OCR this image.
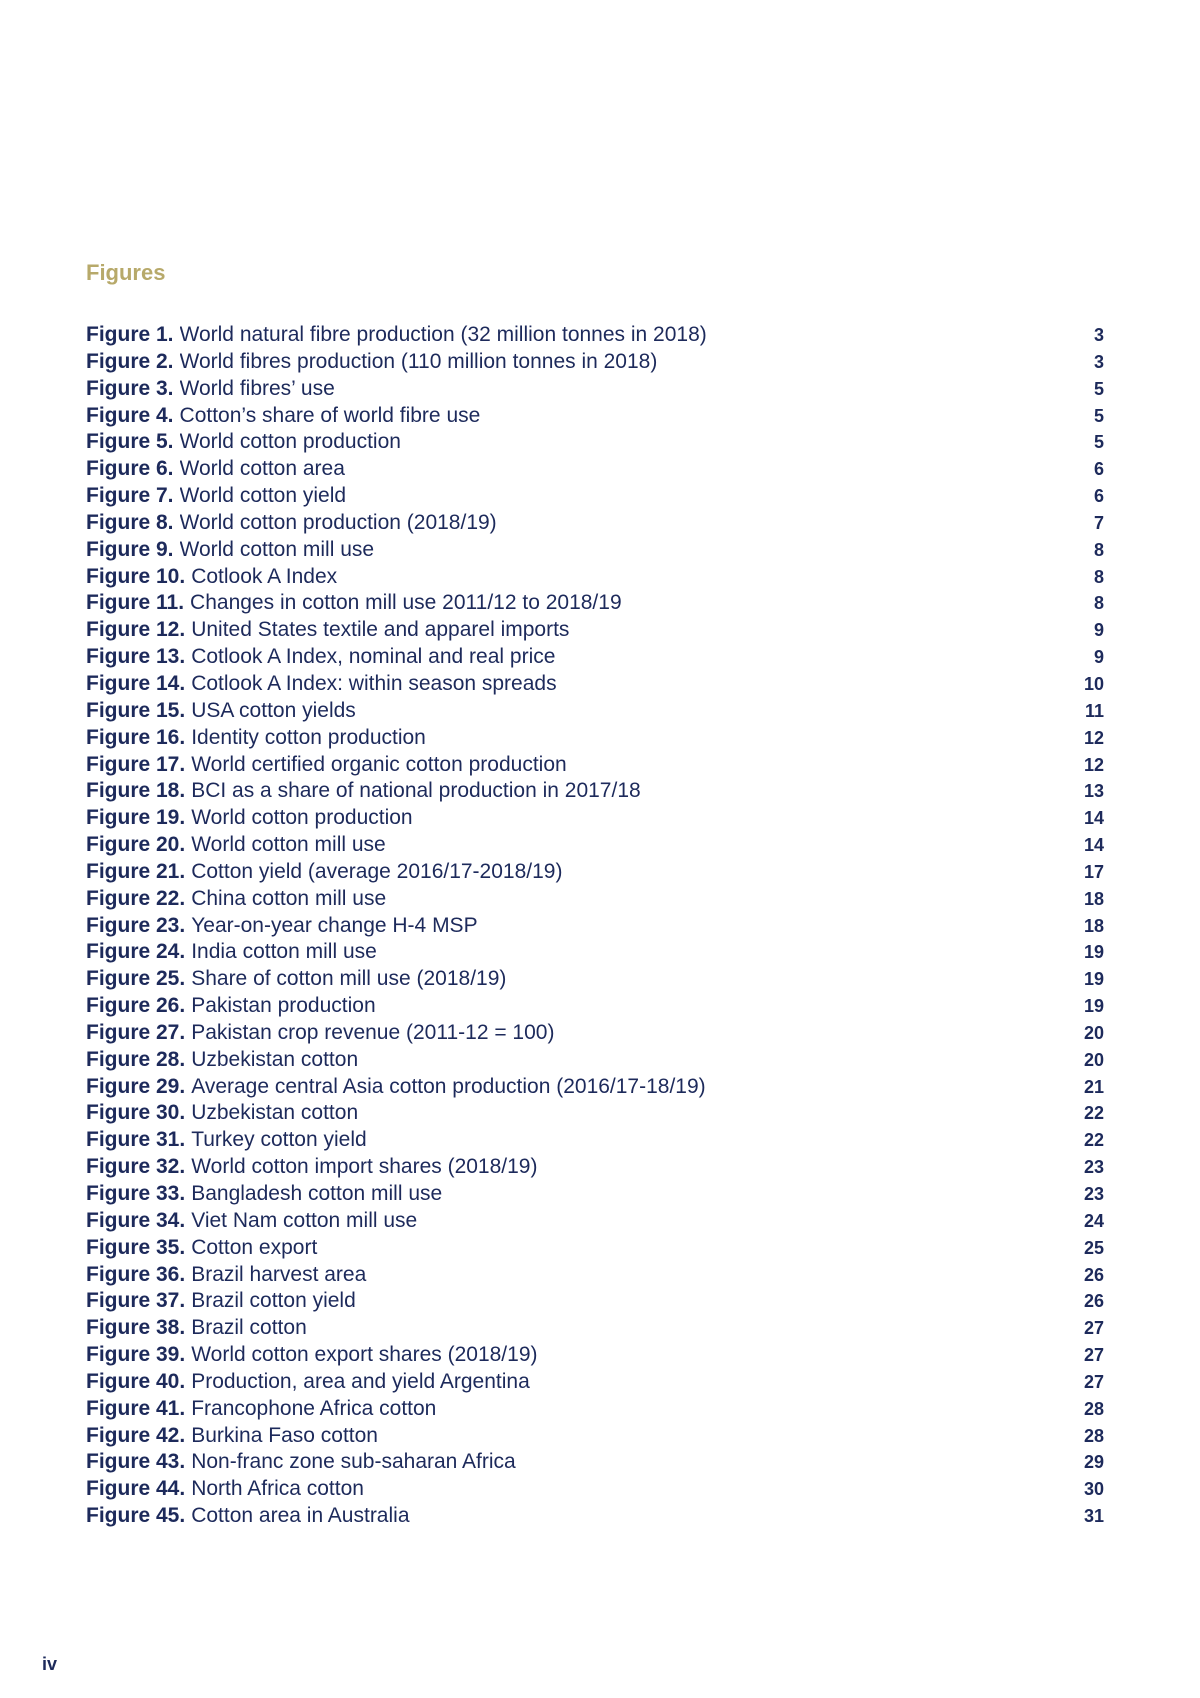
Figures
Figure 1. World natural fibre production (32 million tonnes in 2018)	3
Figure 2. World fibres production (110 million tonnes in 2018)	3
Figure 3. World fibres’ use	5
Figure 4. Cotton’s share of world fibre use	5
Figure 5. World cotton production	5
Figure 6. World cotton area	6
Figure 7. World cotton yield	6
Figure 8. World cotton production (2018/19)	7
Figure 9. World cotton mill use	8
Figure 10. Cotlook A Index	8
Figure 11. Changes in cotton mill use 2011/12 to 2018/19	8
Figure 12. United States textile and apparel imports	9
Figure 13. Cotlook A Index, nominal and real price	9
Figure 14. Cotlook A Index: within season spreads	10
Figure 15. USA cotton yields	11
Figure 16. Identity cotton production	12
Figure 17. World certified organic cotton production	12
Figure 18. BCI as a share of national production in 2017/18	13
Figure 19. World cotton production	14
Figure 20. World cotton mill use	14
Figure 21. Cotton yield (average 2016/17-2018/19)	17
Figure 22. China cotton mill use	18
Figure 23. Year-on-year change H-4 MSP	18
Figure 24. India cotton mill use	19
Figure 25. Share of cotton mill use (2018/19)	19
Figure 26. Pakistan production	19
Figure 27. Pakistan crop revenue (2011-12 = 100)	20
Figure 28. Uzbekistan cotton	20
Figure 29. Average central Asia cotton production (2016/17-18/19)	21
Figure 30. Uzbekistan cotton	22
Figure 31. Turkey cotton yield	22
Figure 32. World cotton import shares (2018/19)	23
Figure 33. Bangladesh cotton mill use	23
Figure 34. Viet Nam cotton mill use	24
Figure 35. Cotton export	25
Figure 36. Brazil harvest area	26
Figure 37. Brazil cotton yield	26
Figure 38. Brazil cotton	27
Figure 39. World cotton export shares (2018/19)	27
Figure 40. Production, area and yield Argentina	27
Figure 41. Francophone Africa cotton	28
Figure 42. Burkina Faso cotton	28
Figure 43. Non-franc zone sub-saharan Africa	29
Figure 44. North Africa cotton	30
Figure 45. Cotton area in Australia	31
iv
